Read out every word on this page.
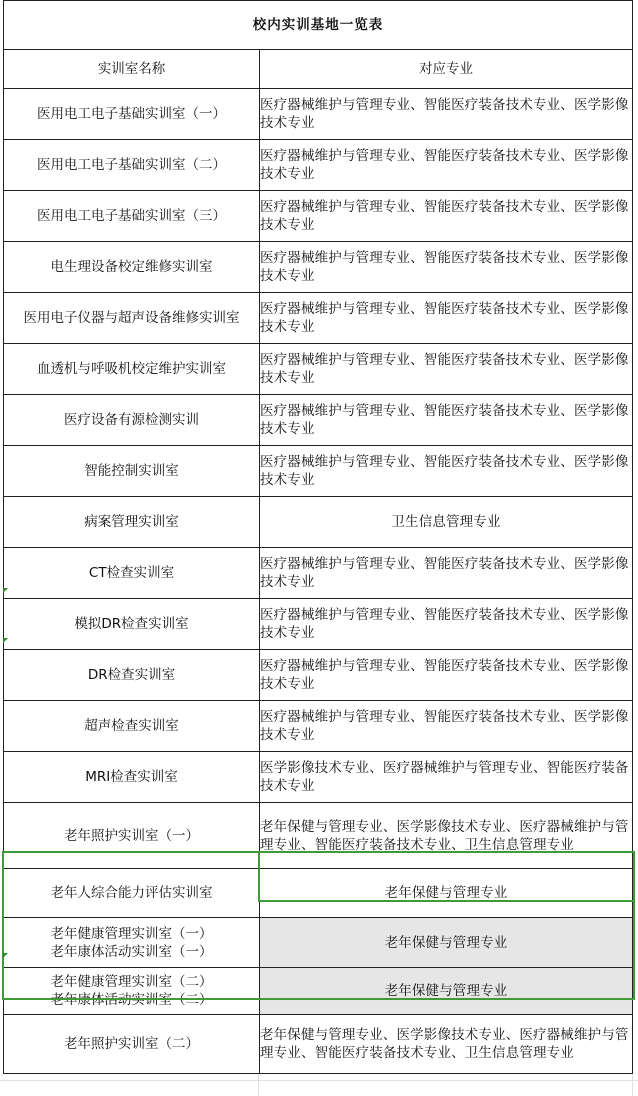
校内实训基地一览表	
实训室名称	对应专业
医用电工电子基础实训室（一）	医疗器械维护与管理专业、智能医疗装备技术专业、医学影像技术专业
医用电工电子基础实训室（二）	医疗器械维护与管理专业、智能医疗装备技术专业、医学影像技术专业
医用电工电子基础实训室（三）	医疗器械维护与管理专业、智能医疗装备技术专业、医学影像技术专业
电生理设备校定维修实训室	医疗器械维护与管理专业、智能医疗装备技术专业、医学影像技术专业
医用电子仪器与超声设备维修实训室	医疗器械维护与管理专业、智能医疗装备技术专业、医学影像技术专业
血透机与呼吸机校定维护实训室	医疗器械维护与管理专业、智能医疗装备技术专业、医学影像技术专业
医疗设备有源检测实训	医疗器械维护与管理专业、智能医疗装备技术专业、医学影像技术专业
智能控制实训室	医疗器械维护与管理专业、智能医疗装备技术专业、医学影像技术专业
病案管理实训室	卫生信息管理专业
CT检查实训室	医疗器械维护与管理专业、智能医疗装备技术专业、医学影像技术专业
模拟DR检查实训室	医疗器械维护与管理专业、智能医疗装备技术专业、医学影像技术专业
DR检查实训室	医疗器械维护与管理专业、智能医疗装备技术专业、医学影像技术专业
超声检查实训室	医疗器械维护与管理专业、智能医疗装备技术专业、医学影像技术专业
MRI检查实训室	医学影像技术专业、医疗器械维护与管理专业、智能医疗装备技术专业
老年照护实训室（一）	老年保健与管理专业、医学影像技术专业、医疗器械维护与管理专业、智能医疗装备技术专业、卫生信息管理专业
老年人综合能力评估实训室	老年保健与管理专业

老年健康管理实训室（一）
老年康体活动实训室（一）	老年保健与管理专业

老年健康管理实训室（二）
老年康体活动实训室（二）	老年保健与管理专业
老年照护实训室（二）	老年保健与管理专业、医学影像技术专业、医疗器械维护与管理专业、智能医疗装备技术专业、卫生信息管理专业
